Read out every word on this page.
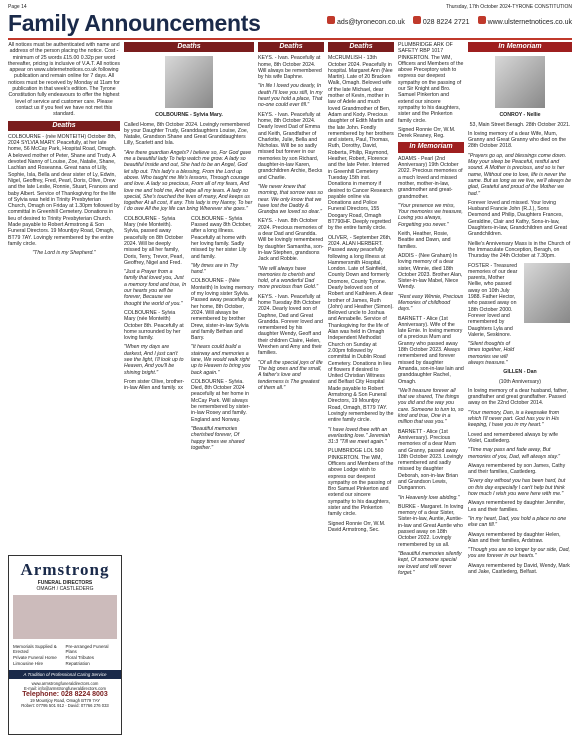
Page 14	Thursday, 17th October 2024-TYRONE CONSTITUTION
Family Announcements	ads@tyronecon.co.uk	028 8224 2721	www.ulsternetnotices.co.uk

All notices must be authenticated with name and address of the person placing the notice. Cost - minimum of 25 words £15.00 0.32p per word thereafter, pricing is inclusive of V.A.T. All notices appear on www.ulsternetnotices.co.uk following publication and remain online for 7 days. All notices must be received by Monday at 11am for publication in that week's edition. The Tyrone Constitution fully endeavours to offer the highest level of service and customer care. Please contact us if you feel we have not met this standard.

Deaths

COLBOURNE - (née MONTEITH) October 8th, 2024 SYLVIA MARY. Peacefully, at her late home, 56 McCay Park, Hospital Road, Omagh. A beloved mother of Peter, Shane and Trudy. A devoted Nanny of Louise, Zoe, Natalie, Shane, Lachlan and Roseanna. Great nana of Lilly, Sophie, Isla, Bella and dear sister of Ly, Edwin, Nigel, Geoffrey, Fred, Pearl, Doris, Olive, Drew and the late Leslie, Ronnie, Stuart, Frances and baby Albert. Service of Thanksgiving for the life of Sylvia was held in Trinity Presbyterian Church, Omagh on Friday at 1.30pm followed by committal in Greenhill Cemetery. Donations in lieu of desired to Trinity Presbyterian Church. Made payable to Robert Armstrong & Son Funeral Directors. 19 Mountjoy Road, Omagh, BT79 7AY. Lovingly remembered by the entire family circle.

"The Lord is my Shepherd."

Armstrong
FUNERAL DIRECTORS
OMAGH / CASTLEDERG
Memorials Supplied & Erected
Pre-arranged Funeral Plans
Private Funeral Home	Floral Tributes
Limousine Hire	Repatriation
A Tradition of Professional Caring Service
www.armstrongfuneraldirectors.com
E-mail: info@armstrongfuneraldirectors.com
Telephone: 028 8224 8003
19 Mountjoy Road, Omagh BT79 7AY
Robert: 07795 501 912 · David: 07766 276 033
Deaths

COLBOURNE - Sylvia Mary.

Called Home, 8th October 2024. Lovingly remembered by your Daughter Trudy, Granddaughters Louise, Zoe, Natalie, Grandson Shane and Great Granddaughters Lilly, Scarlett and Isla.

"Are there guardian Angels? I believe so, For God gave me a beautiful lady To help watch me grow. A lady so beautiful Inside and out, She had to be an Angel, God let slip out. This lady's a blessing, From the Lord up above. Who taught me life's lessons, Through courage and love. A lady so precious, From all of my fears, And love me and hold me, And wipe all my tears. A lady so special, She's touched the lives of many, And keeps us together At all cost, if any. This lady is my Nanny, To her I do owe All the joy life can bring Wherever she goes."

COLBOURNE - Sylvia Mary (née Monteith). Sylvia, passed away peacefully on 8th October 2024. Will be deeply missed by all her family, Doris, Terry, Trevor, Pearl, Geoffrey, Nigel and Fred.

"Just a Prayer from a family that loved you, Just a memory fond and true, In our hearts you will be forever, Because we thought the world of you."

COLBOURNE - Sylvia Mary (née Monteith) October 8th. Peacefully at home surrounded by her loving family.

"When my days are darkest, And I just can't see the light, I'll look up to Heaven, And you'll be shining bright."

From sister Olive, brother-in-law Allen and family. xx

COLBOURNE - Sylvia Passed away 8th October, after a long illness. Peacefully at home with her loving family. Sadly missed by her sister Lily and family.

"My times are in Thy hand."

COLBOURNE - (Née Monteith) In loving memory of my loving sister Sylvia. Passed away peacefully at her home, 8th October, 2024. Will always be remembered by brother Drew, sister-in-law Sylvia and family Bethan and Barry.

"It hears could build a stairway and memories a lane, We would walk right up to Heaven to bring you back again."

COLBOURNE - Sylvia. Died, 8th October 2024 peacefully at her home in McCay Park. Will always be remembered by sister-in-law Rosey and family. England and Norway.

"Beautiful memories cherished forever, Of happy times we shared together."

Deaths

KEYS. - Ivan. Peacefully at home, 8th October 2024. Will always be remembered by his wife Daphne.

"In life I loved you dearly, In death I'll love you still, In my heart you hold a place, That no-one could ever fill."

KEYS. - Ivan. Peacefully at home, 8th October 2024. Dearly loved Dad of Emma and Keith, Grandfather of Charlotte, Julie, Bella and Nicholas. Will be so sadly missed but forever in our memories by son Richard, daughter-in-law Karen, grandchildren Archie, Becks and Charlie.

"We never knew that morning, that sorrow was so near. We only know that we have lost the Daddy & Grandpa we loved so dear."

KEYS. - Ivan. 8th October 2024. Precious memories of a dear Dad and Grandda. Will be lovingly remembered by daughter Samantha, son-in-law Stephen, grandsons Jack and Robbie.

"We will always have memories to cherish and hold, of a wonderful Dad more precious than Gold."

KEYS. - Ivan. Peacefully at home Tuesday 8th October 2024. Dearly loved son of Daphne, Dad and Great Grandda. Forever loved and remembered by his daughter Wendy, Geoff and their children Claire, Helen, Wrexhen and Amy and their families.

"Of all the special joys of life The big ones and the small, A father's love and tenderness is The greatest of them all."

Deaths

McCRUMLISH - 13th October 2024. Peacefully in hospital. Margaret Ann (Nee Martin). Late of 20 Bracken Walk, Omagh. Beloved wife of the late Michael, dear mother of Kevin, mother in law of Adele and much loved Grandmother of Ben, Adam and Kody. Precious daughter of Edith Martin and the late John. Fondly remembered by her brothers and sisters, Paul, Thomas, Ruth, Dorothy, David, Roberta, Philip, Raymond, Heather, Robert, Florence and the late Peter. Interred in Greenhill Cemetery Tuesday 15th inst. Donations in memory if desired to Cancer Research payable online via Donations and Police Funeral Directors, 155 Doogary Road, Omagh BT790HF. Deeply regretted by the entire family circle.

OLIVER, - September 26th, 2024. ALAN HERBERT. Passed away peacefully following a long illness at Hammersmith Hospital, London. Late of Sainfield, County Down and formerly Dromore, County Tyrone. Dearly beloved son of Robert and Kathleen. A dear brother of James, Ruth (John) and Heather (Simon). Beloved uncle to Joshua and Annabelle. Service of Thanksgiving for the life of Alan was held in Omagh Independent Methodist Church on Sunday at 2.00pm followed by committal in Dublin Road Cemetery. Donations in lieu of flowers if desired to United Christian Witness and Belfast City Hospital Made payable to Robert Armstrong & Son Funeral Directors, 19 Mountjoy Road, Omagh, BT79 7AY. Lovingly remembered by the entire family circle.

"I have loved thee with an everlasting love." Jeremiah 31:3 "Till we meet again."

PLUMBRIDGE LOL 560 PINKERTON. The WM, Officers and Members of the above Lodge wish to express our deepest sympathy on the passing of Bro Samuel Pinkerton and extend our sincere sympathy to his daughters, sister and the Pinkerton family circle.

Signed Ronnie Orr, W.M. David Armstrong, Sec.

PLUMBRIDGE ARK OF SAFETY RBP 1017 PINKERTON. The WM, Officers and Members of the above Preceptory wish to express our deepest sympathy on the passing of our Sir Knight and Bro. Samuel Pinkerton and extend our sincere sympathy to his daughters, sister and the Pinkerton family circle.

Signed Ronnie Orr, W.M. Derek Reaney, Reg.

In Memoriam

ADAMS - Pearl (2nd Anniversary) 19th October 2022. Precious memories of a much loved and missed mother, mother-in-law, grandmother and great-grandmother.

"Your presence we miss, Your memories we treasure, Loving you always, Forgetting you never."

Keith, Heather, Rosie, Beattie and Dawn, and families.

ADDIS - (Nee Graham) In loving memory of a dear sister, Winnie, died 18th October 2023. Brother Alan, Sister-in-law Mabel, Niece Wendy.

"Rest easy Winnie, Precious Memories of childhood days."

BARNETT - Alice (1st Anniversary). Wife of the late Ernie. In loving memory of a precious Mum and Granny who passed away 18th October 2023. Always remembered and forever missed by daughter Amanda, son-in-law Iain and granddaughter Rachel, Omagh.

"We'll treasure forever all that we shared, The things you did and the way you care. Someone to turn to, so kind and true, One in a million that was you."

BARNETT - Alice (1st Anniversary). Precious memories of a dear Mum and Granny, passed away 18th October 2023. Lovingly remembered and sadly missed by daughter Deborah, son-in-law Brian and Grandson Lewis, Dungannon.

"In Heavenly love abiding."

BURKE - Margaret. In loving memory of a dear Sister, Sister-in-law, Auntie, Auntie-in-law and Great Auntie who passed away on 18th October 2022. Lovingly remembered by us all.

"Beautiful memories silently kept, Of someone special we loved and will never forget."

In Memoriam

CONROY - Nellie

53, Main Street Beragh. 28th October 2021.

In loving memory of a dear Wife, Mum, Granny and Great Granny who died on the 28th October 2018.

"Prayers go up, and blessings come down. May your sleep be Peaceful, restful and sound. A Mother is precious, and so is her name, Without one to love, life is never the same. But as long as we live, we'll always be glad, Grateful and proud of the Mother we had."

Forever loved and missed. Your loving Husband Francie John (R.J.), Sons Desmond and Philip, Daughters Frances, Geraldine, Clair and Kathy, Sons-in-law, Daughters-in-law, Grandchildren and Great Grandchildren.

Nellie's Anniversary Mass is in the Church of the Immaculate Conception, Beragh, on Thursday the 24th October at 7.30pm.

FOSTER - Treasured memories of our dear parents, Mother Nellie, who passed away on 10th July 1988. Father Hector, who passed away on 18th October 2000. Forever loved and remembered by Daughters Lyla and Valerie, Seskinore.

"Silent thoughts of times together, Hold memories we will always treasure."

GILLEN - Dan

(10th Anniversary)

In loving memory of a dear husband, father, grandfather and great grandfather. Passed away on the 22nd October 2014.

"Your memory, Dan, is a keepsake from which I'll never part. God has you in His keeping, I have you in my heart."

Loved and remembered always by wife Violet, Castlederg.

"Time may pass and fade away, But memories of you, Dad, will always stay."

Always remembered by son James, Cathy and their families, Castlederg.

"Every day without you has been hard, but on this day especially I can't help but think how much I wish you were here with me."

Always remembered by daughter Jennifer, Les and their families.

"In my heart, Dad, you hold a place no one else can fill."

Always remembered by daughter Helen, Alan and their families, Ardstraw.

"Though you are no longer by our side, Dad, you are forever in our hearts."

Always remembered by David, Wendy, Mark and Jake, Castlederg, Belfast.
